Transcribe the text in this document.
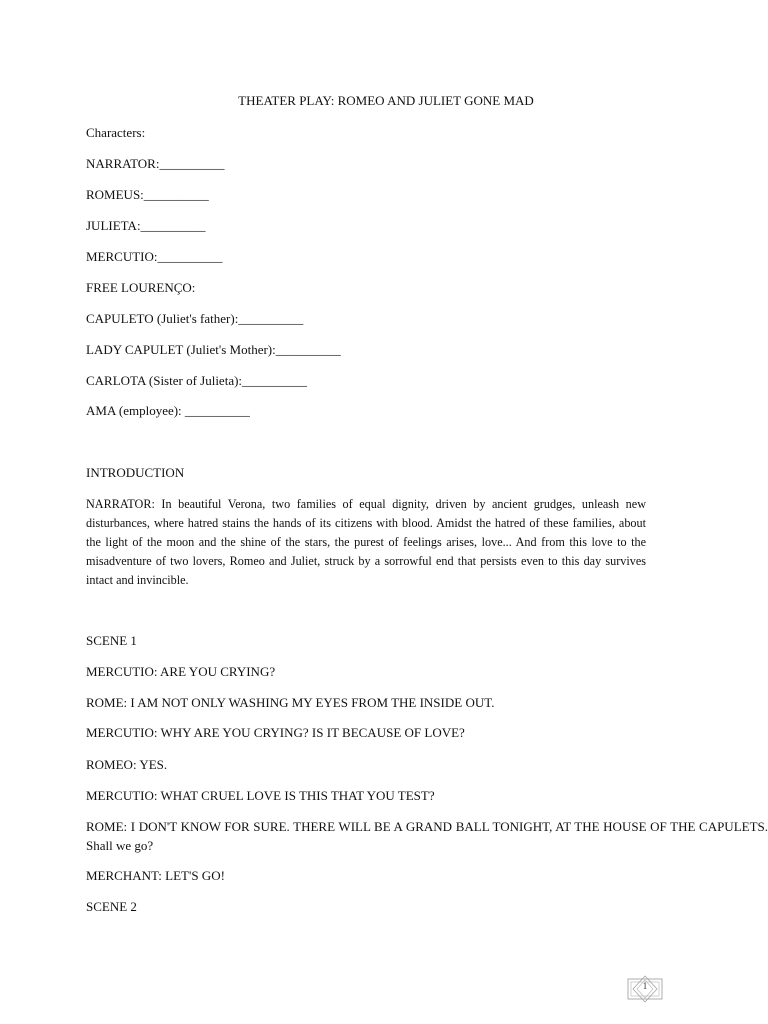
THEATER PLAY: ROMEO AND JULIET GONE MAD
Characters:
NARRATOR:__________
ROMEUS:__________
JULIETA:__________
MERCUTIO:__________
FREE LOURENÇO:
CAPULETO (Juliet's father):__________
LADY CAPULET (Juliet's Mother):__________
CARLOTA (Sister of Julieta):__________
AMA (employee): __________
INTRODUCTION
NARRATOR: In beautiful Verona, two families of equal dignity, driven by ancient grudges, unleash new disturbances, where hatred stains the hands of its citizens with blood. Amidst the hatred of these families, about the light of the moon and the shine of the stars, the purest of feelings arises, love... And from this love to the misadventure of two lovers, Romeo and Juliet, struck by a sorrowful end that persists even to this day survives intact and invincible.
SCENE 1
MERCUTIO: ARE YOU CRYING?
ROME: I AM NOT ONLY WASHING MY EYES FROM THE INSIDE OUT.
MERCUTIO: WHY ARE YOU CRYING? IS IT BECAUSE OF LOVE?
ROMEO: YES.
MERCUTIO: WHAT CRUEL LOVE IS THIS THAT YOU TEST?
ROME: I DON'T KNOW FOR SURE. THERE WILL BE A GRAND BALL TONIGHT, AT THE HOUSE OF THE CAPULETS. Shall we go?
MERCHANT: LET'S GO!
SCENE 2
1
